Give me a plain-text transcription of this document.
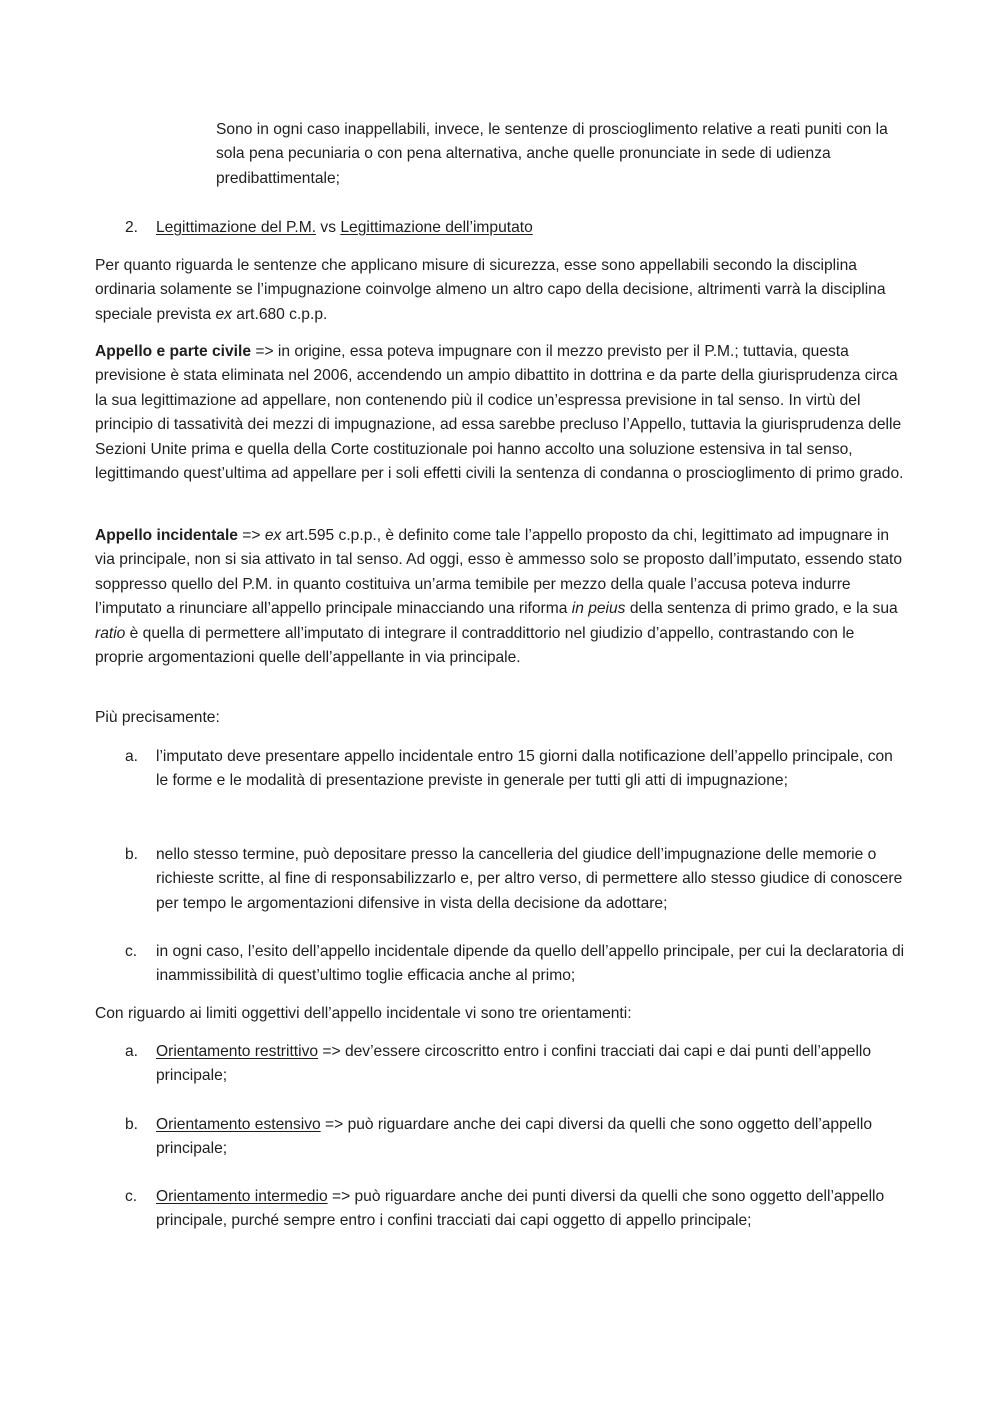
Sono in ogni caso inappellabili, invece, le sentenze di proscioglimento relative a reati puniti con la sola pena pecuniaria o con pena alternativa, anche quelle pronunciate in sede di udienza predibattimentale;

2.	Legittimazione del P.M. vs Legittimazione dell’imputato

Per quanto riguarda le sentenze che applicano misure di sicurezza, esse sono appellabili secondo la disciplina ordinaria solamente se l’impugnazione coinvolge almeno un altro capo della decisione, altrimenti varrà la disciplina speciale prevista ex art.680 c.p.p.

Appello e parte civile => in origine, essa poteva impugnare con il mezzo previsto per il P.M.; tuttavia, questa previsione è stata eliminata nel 2006, accendendo un ampio dibattito in dottrina e da parte della giurisprudenza circa la sua legittimazione ad appellare, non contenendo più il codice un’espressa previsione in tal senso. In virtù del principio di tassatività dei mezzi di impugnazione, ad essa sarebbe precluso l’Appello, tuttavia la giurisprudenza delle Sezioni Unite prima e quella della Corte costituzionale poi hanno accolto una soluzione estensiva in tal senso, legittimando quest’ultima ad appellare per i soli effetti civili la sentenza di condanna o proscioglimento di primo grado.

Appello incidentale => ex art.595 c.p.p., è definito come tale l’appello proposto da chi, legittimato ad impugnare in via principale, non si sia attivato in tal senso. Ad oggi, esso è ammesso solo se proposto dall’imputato, essendo stato soppresso quello del P.M. in quanto costituiva un’arma temibile per mezzo della quale l’accusa poteva indurre l’imputato a rinunciare all’appello principale minacciando una riforma in peius della sentenza di primo grado, e la sua ratio è quella di permettere all’imputato di integrare il contraddittorio nel giudizio d’appello, contrastando con le proprie argomentazioni quelle dell’appellante in via principale.

Più precisamente:

a.	l’imputato deve presentare appello incidentale entro 15 giorni dalla notificazione dell’appello principale, con le forme e le modalità di presentazione previste in generale per tutti gli atti di impugnazione;
b.	nello stesso termine, può depositare presso la cancelleria del giudice dell’impugnazione delle memorie o richieste scritte, al fine di responsabilizzarlo e, per altro verso, di permettere allo stesso giudice di conoscere per tempo le argomentazioni difensive in vista della decisione da adottare;
c.	in ogni caso, l’esito dell’appello incidentale dipende da quello dell’appello principale, per cui la declaratoria di inammissibilità di quest’ultimo toglie efficacia anche al primo;

Con riguardo ai limiti oggettivi dell’appello incidentale vi sono tre orientamenti:

a.	Orientamento restrittivo => dev’essere circoscritto entro i confini tracciati dai capi e dai punti dell’appello principale;
b.	Orientamento estensivo => può riguardare anche dei capi diversi da quelli che sono oggetto dell’appello principale;
c.	Orientamento intermedio => può riguardare anche dei punti diversi da quelli che sono oggetto dell’appello principale, purché sempre entro i confini tracciati dai capi oggetto di appello principale;
